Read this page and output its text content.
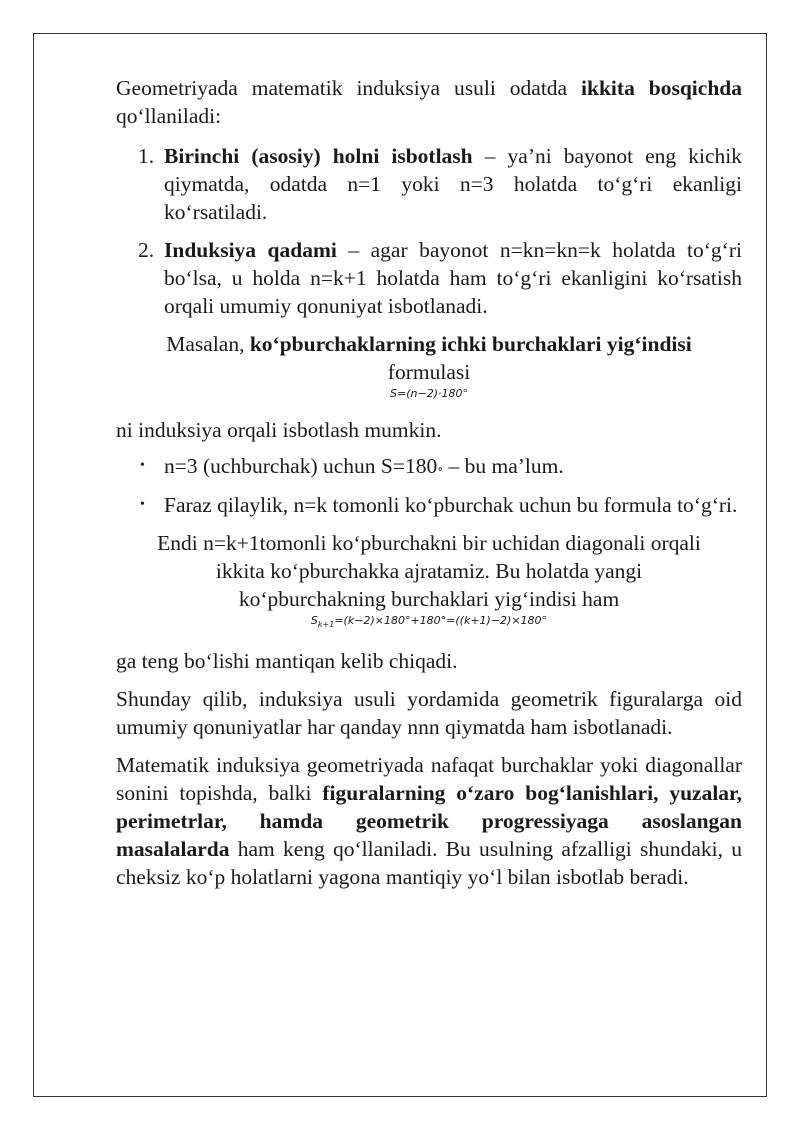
Geometriyada matematik induksiya usuli odatda ikkita bosqichda qo‘llaniladi:

1. Birinchi (asosiy) holni isbotlash – ya’ni bayonot eng kichik qiymatda, odatda n=1 yoki n=3 holatda to‘g‘ri ekanligi ko‘rsatiladi.
2. Induksiya qadami – agar bayonot n=kn=kn=k holatda to‘g‘ri bo‘lsa, u holda n=k+1 holatda ham to‘g‘ri ekanligini ko‘rsatish orqali umumiy qonuniyat isbotlanadi.

Masalan, ko‘pburchaklarning ichki burchaklari yig‘indisi

formulasi

S=(n−2)·180°

ni induksiya orqali isbotlash mumkin.

• n=3 (uchburchak) uchun S=180∘ – bu ma’lum.
• Faraz qilaylik, n=k tomonli ko‘pburchak uchun bu formula to‘g‘ri.

Endi n=k+1tomonli ko‘pburchakni bir uchidan diagonali orqali

ikkita ko‘pburchakka ajratamiz. Bu holatda yangi

ko‘pburchakning burchaklari yig‘indisi ham

$S_{k+1}=(k-2)\times 180^\circ+180^\circ=((k+1)-2)\times 180^\circ$

ga teng bo‘lishi mantiqan kelib chiqadi.

Shunday qilib, induksiya usuli yordamida geometrik figuralarga oid umumiy qonuniyatlar har qanday nnn qiymatda ham isbotlanadi.

Matematik induksiya geometriyada nafaqat burchaklar yoki diagonallar sonini topishda, balki figuralarning o‘zaro bog‘lanishlari, yuzalar, perimetrlar, hamda geometrik progressiyaga asoslangan masalalarda ham keng qo‘llaniladi. Bu usulning afzalligi shundaki, u cheksiz ko‘p holatlarni yagona mantiqiy yo‘l bilan isbotlab beradi.
